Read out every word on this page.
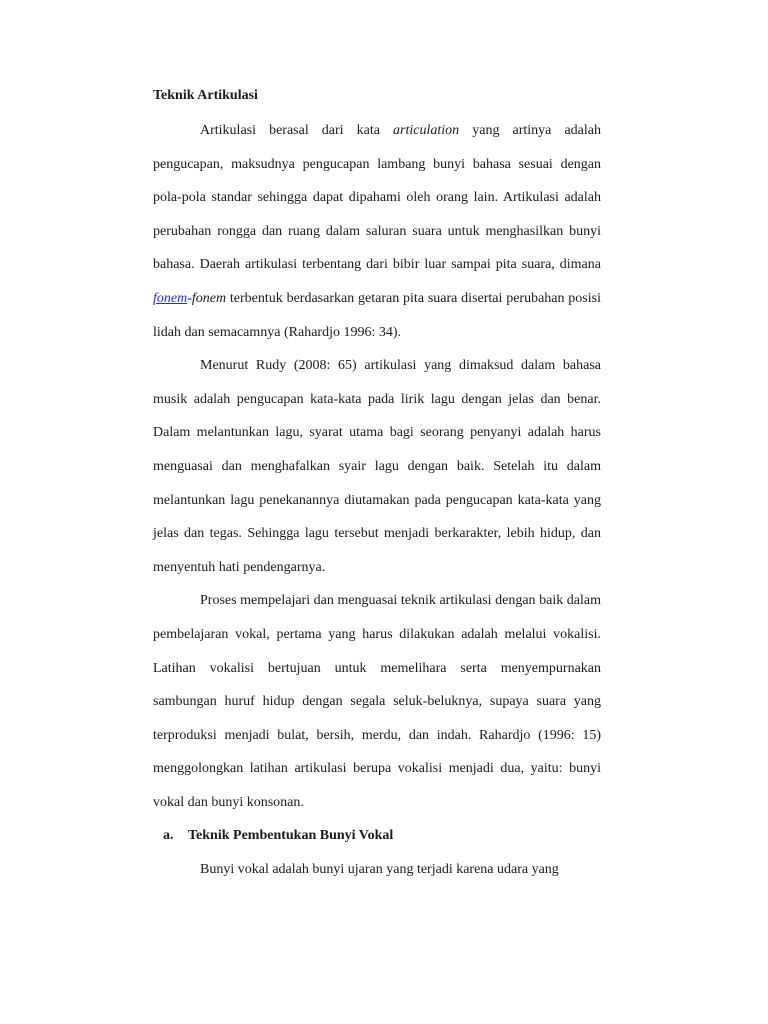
Teknik Artikulasi

Artikulasi berasal dari kata articulation yang artinya adalah pengucapan, maksudnya pengucapan lambang bunyi bahasa sesuai dengan pola-pola standar sehingga dapat dipahami oleh orang lain. Artikulasi adalah perubahan rongga dan ruang dalam saluran suara untuk menghasilkan bunyi bahasa. Daerah artikulasi terbentang dari bibir luar sampai pita suara, dimana fonem-fonem terbentuk berdasarkan getaran pita suara disertai perubahan posisi lidah dan semacamnya (Rahardjo 1996: 34).

Menurut Rudy (2008: 65) artikulasi yang dimaksud dalam bahasa musik adalah pengucapan kata-kata pada lirik lagu dengan jelas dan benar. Dalam melantunkan lagu, syarat utama bagi seorang penyanyi adalah harus menguasai dan menghafalkan syair lagu dengan baik. Setelah itu dalam melantunkan lagu penekanannya diutamakan pada pengucapan kata-kata yang jelas dan tegas. Sehingga lagu tersebut menjadi berkarakter, lebih hidup, dan menyentuh hati pendengarnya.

Proses mempelajari dan menguasai teknik artikulasi dengan baik dalam pembelajaran vokal, pertama yang harus dilakukan adalah melalui vokalisi. Latihan vokalisi bertujuan untuk memelihara serta menyempurnakan sambungan huruf hidup dengan segala seluk-beluknya, supaya suara yang terproduksi menjadi bulat, bersih, merdu, dan indah. Rahardjo (1996: 15) menggolongkan latihan artikulasi berupa vokalisi menjadi dua, yaitu: bunyi vokal dan bunyi konsonan.

a. Teknik Pembentukan Bunyi Vokal

Bunyi vokal adalah bunyi ujaran yang terjadi karena udara yang
